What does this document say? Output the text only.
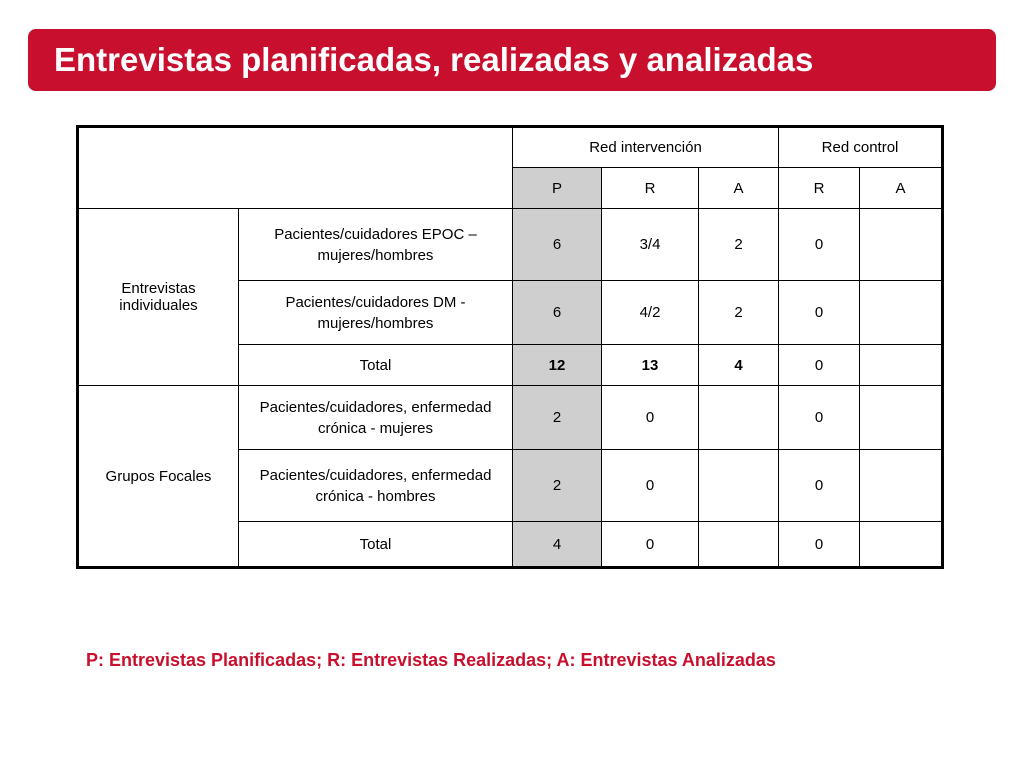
Entrevistas planificadas, realizadas y analizadas
		Red intervención			Red control	
		P	R	A	R	A
Entrevistas individuales	Pacientes/cuidadores EPOC – mujeres/hombres	6	3/4	2	0	
	Pacientes/cuidadores DM - mujeres/hombres	6	4/2	2	0	
	Total	12	13	4	0	
Grupos Focales	Pacientes/cuidadores, enfermedad crónica - mujeres	2	0		0	
	Pacientes/cuidadores, enfermedad crónica - hombres	2	0		0	
	Total	4	0		0	
P: Entrevistas Planificadas; R: Entrevistas Realizadas; A: Entrevistas Analizadas
